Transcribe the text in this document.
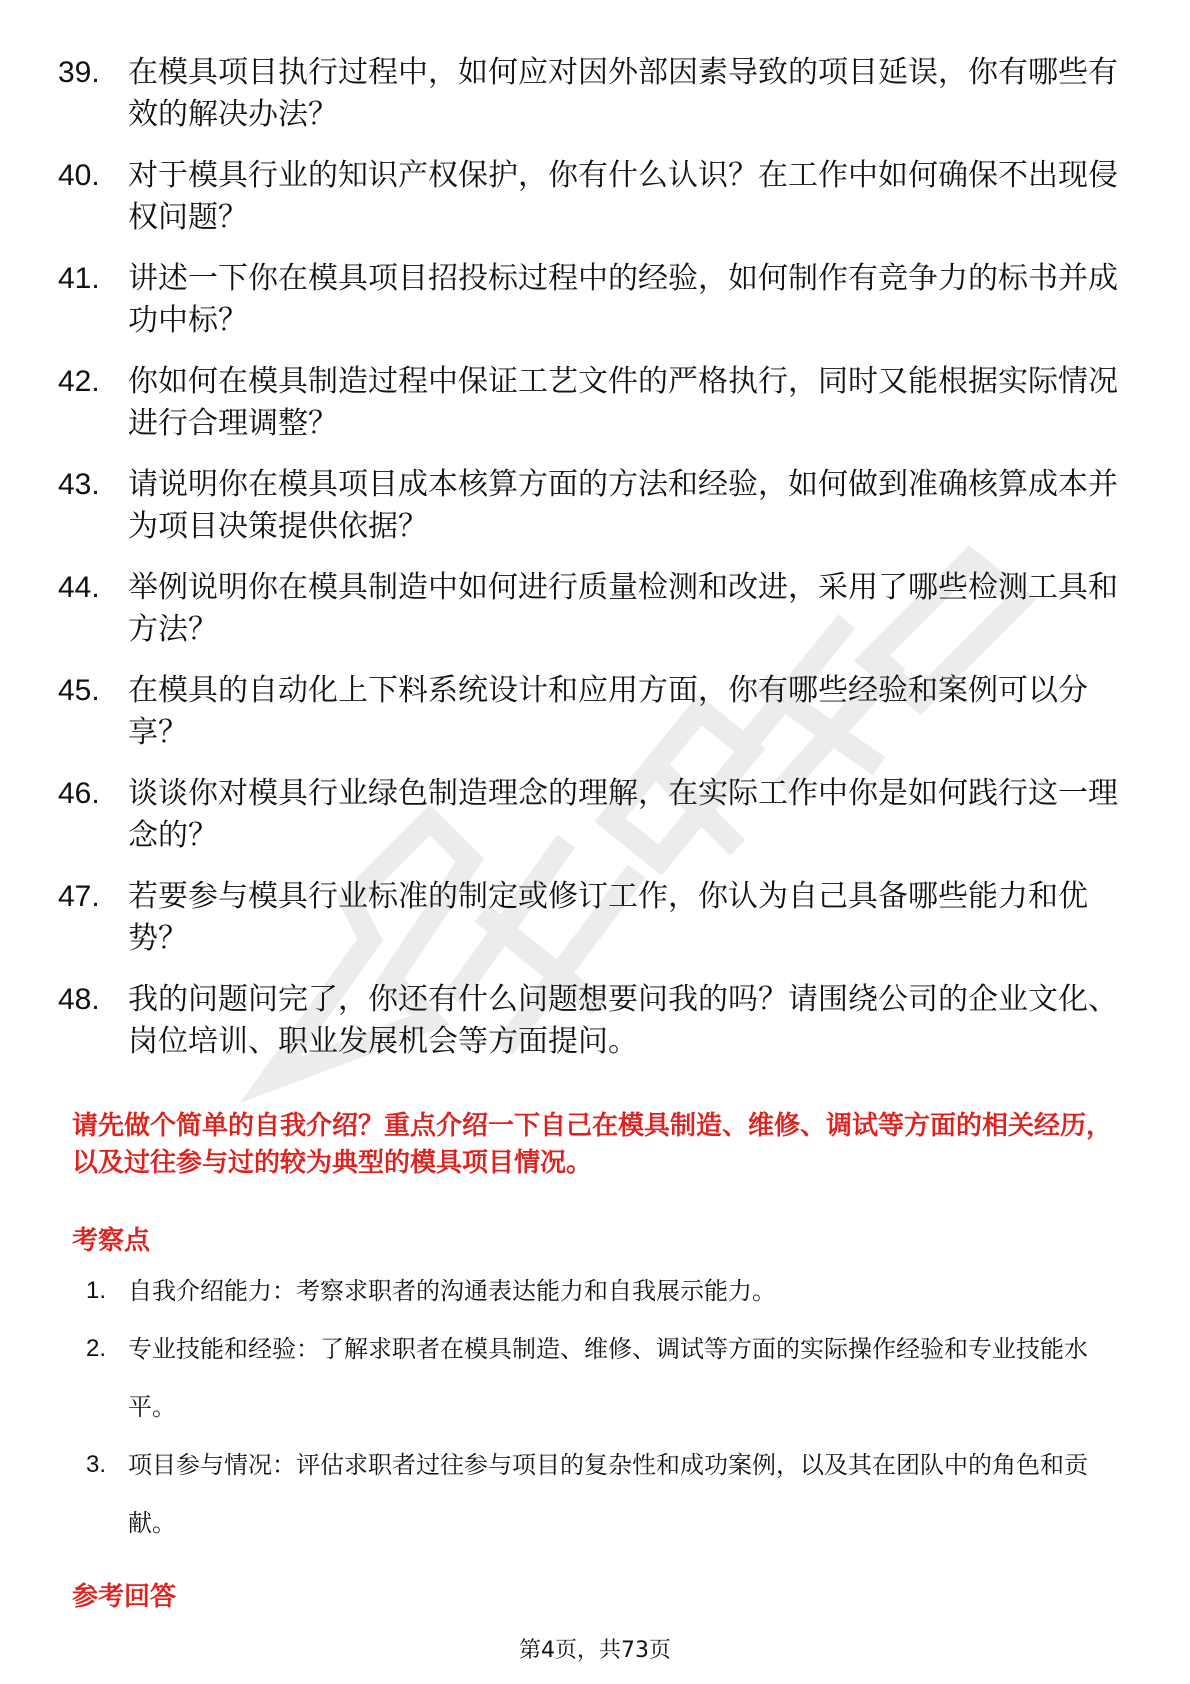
39. 在模具项目执行过程中，如何应对因外部因素导致的项目延误，你有哪些有效的解决办法？
40. 对于模具行业的知识产权保护，你有什么认识？在工作中如何确保不出现侵权问题？
41. 讲述一下你在模具项目招投标过程中的经验，如何制作有竞争力的标书并成功中标？
42. 你如何在模具制造过程中保证工艺文件的严格执行，同时又能根据实际情况进行合理调整？
43. 请说明你在模具项目成本核算方面的方法和经验，如何做到准确核算成本并为项目决策提供依据？
44. 举例说明你在模具制造中如何进行质量检测和改进，采用了哪些检测工具和方法？
45. 在模具的自动化上下料系统设计和应用方面，你有哪些经验和案例可以分享？
46. 谈谈你对模具行业绿色制造理念的理解，在实际工作中你是如何践行这一理念的？
47. 若要参与模具行业标准的制定或修订工作，你认为自己具备哪些能力和优势？
48. 我的问题问完了，你还有什么问题想要问我的吗？请围绕公司的企业文化、岗位培训、职业发展机会等方面提问。

请先做个简单的自我介绍？重点介绍一下自己在模具制造、维修、调试等方面的相关经历，以及过往参与过的较为典型的模具项目情况。

考察点
1. 自我介绍能力：考察求职者的沟通表达能力和自我展示能力。
2. 专业技能和经验：了解求职者在模具制造、维修、调试等方面的实际操作经验和专业技能水平。
3. 项目参与情况：评估求职者过往参与项目的复杂性和成功案例，以及其在团队中的角色和贡献。
参考回答
第4页，共73页
